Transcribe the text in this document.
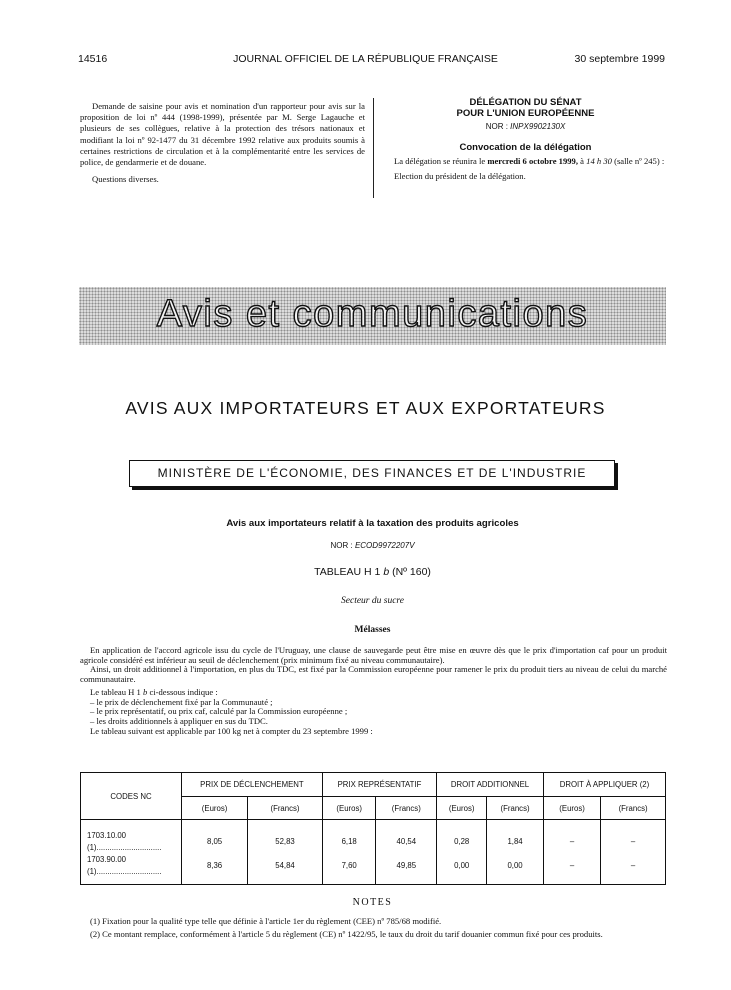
14516	JOURNAL OFFICIEL DE LA RÉPUBLIQUE FRANÇAISE	30 septembre 1999

Demande de saisine pour avis et nomination d'un rapporteur pour avis sur la proposition de loi nº 444 (1998-1999), présentée par M. Serge Lagauche et plusieurs de ses collègues, relative à la protection des trésors nationaux et modifiant la loi nº 92-1477 du 31 décembre 1992 relative aux produits soumis à certaines restrictions de circulation et à la complémentarité entre les services de police, de gendarmerie et de douane.

Questions diverses.

DÉLÉGATION DU SÉNAT
POUR L'UNION EUROPÉENNE
NOR : INPX9902130X
Convocation de la délégation
La délégation se réunira le mercredi 6 octobre 1999, à 14 h 30 (salle nº 245) :
Election du président de la délégation.
Avis et communications
AVIS AUX IMPORTATEURS ET AUX EXPORTATEURS
MINISTÈRE DE L'ÉCONOMIE, DES FINANCES ET DE L'INDUSTRIE
Avis aux importateurs relatif à la taxation des produits agricoles
NOR : ECOD9972207V
TABLEAU H 1 b (Nº 160)
Secteur du sucre
Mélasses

En application de l'accord agricole issu du cycle de l'Uruguay, une clause de sauvegarde peut être mise en œuvre dès que le prix d'importation caf pour un produit agricole considéré est inférieur au seuil de déclenchement (prix minimum fixé au niveau communautaire).

Ainsi, un droit additionnel à l'importation, en plus du TDC, est fixé par la Commission européenne pour ramener le prix du produit tiers au niveau de celui du marché communautaire.

Le tableau H 1 b ci-dessous indique :

– le prix de déclenchement fixé par la Communauté ;

– le prix représentatif, ou prix caf, calculé par la Commission européenne ;

– les droits additionnels à appliquer en sus du TDC.

Le tableau suivant est applicable par 100 kg net à compter du 23 septembre 1999 :

CODES NC	PRIX DE DÉCLENCHEMENT		PRIX REPRÉSENTATIF		DROIT ADDITIONNEL		DROIT À APPLIQUER (2)	
	(Euros)	(Francs)	(Euros)	(Francs)	(Euros)	(Francs)	(Euros)	(Francs)

1703.10.00 (1)..............................	8,05	52,83	6,18	40,54	0,28	1,84	–	–
1703.90.00 (1)..............................	8,36	54,84	7,60	49,85	0,00	0,00	–	–
NOTES

(1) Fixation pour la qualité type telle que définie à l'article 1er du règlement (CEE) nº 785/68 modifié.

(2) Ce montant remplace, conformément à l'article 5 du règlement (CE) nº 1422/95, le taux du droit du tarif douanier commun fixé pour ces produits.
